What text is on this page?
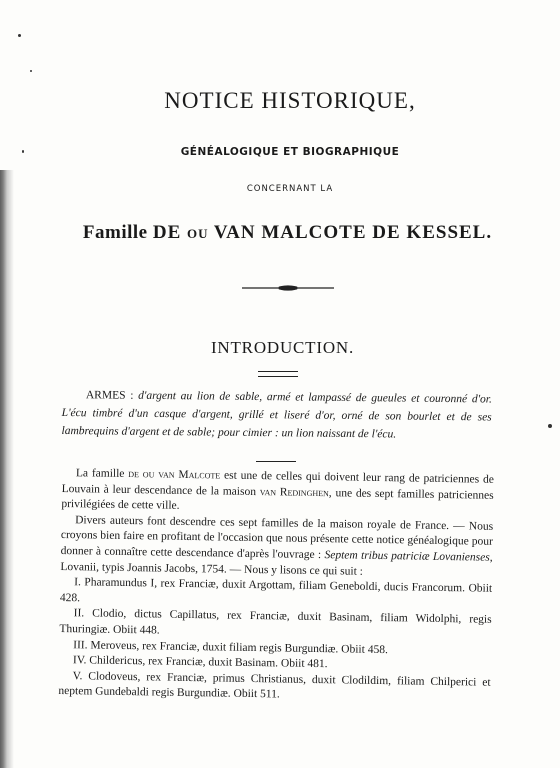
NOTICE HISTORIQUE,
GÉNÉALOGIQUE ET BIOGRAPHIQUE
CONCERNANT LA
Famille DE ou VAN MALCOTE DE KESSEL.
INTRODUCTION.
ARMES : d'argent au lion de sable, armé et lampassé de gueules et couronné d'or. L'écu timbré d'un casque d'argent, grillé et liseré d'or, orné de son bourlet et de ses lambrequins d'argent et de sable; pour cimier : un lion naissant de l'écu.

La famille de ou van Malcote est une de celles qui doivent leur rang de patriciennes de Louvain à leur descendance de la maison van Redinghen, une des sept familles patriciennes privilégiées de cette ville.

Divers auteurs font descendre ces sept familles de la maison royale de France. — Nous croyons bien faire en profitant de l'occasion que nous présente cette notice généalogique pour donner à connaître cette descendance d'après l'ouvrage : Septem tribus patriciæ Lovanienses, Lovanii, typis Joannis Jacobs, 1754. — Nous y lisons ce qui suit :

I. Pharamundus I, rex Franciæ, duxit Argottam, filiam Geneboldi, ducis Francorum. Obiit 428.

II. Clodio, dictus Capillatus, rex Franciæ, duxit Basinam, filiam Widolphi, regis Thuringiæ. Obiit 448.

III. Meroveus, rex Franciæ, duxit filiam regis Burgundiæ. Obiit 458.

IV. Childericus, rex Franciæ, duxit Basinam. Obiit 481.

V. Clodoveus, rex Franciæ, primus Christianus, duxit Clodildim, filiam Chilperici et neptem Gundebaldi regis Burgundiæ. Obiit 511.
